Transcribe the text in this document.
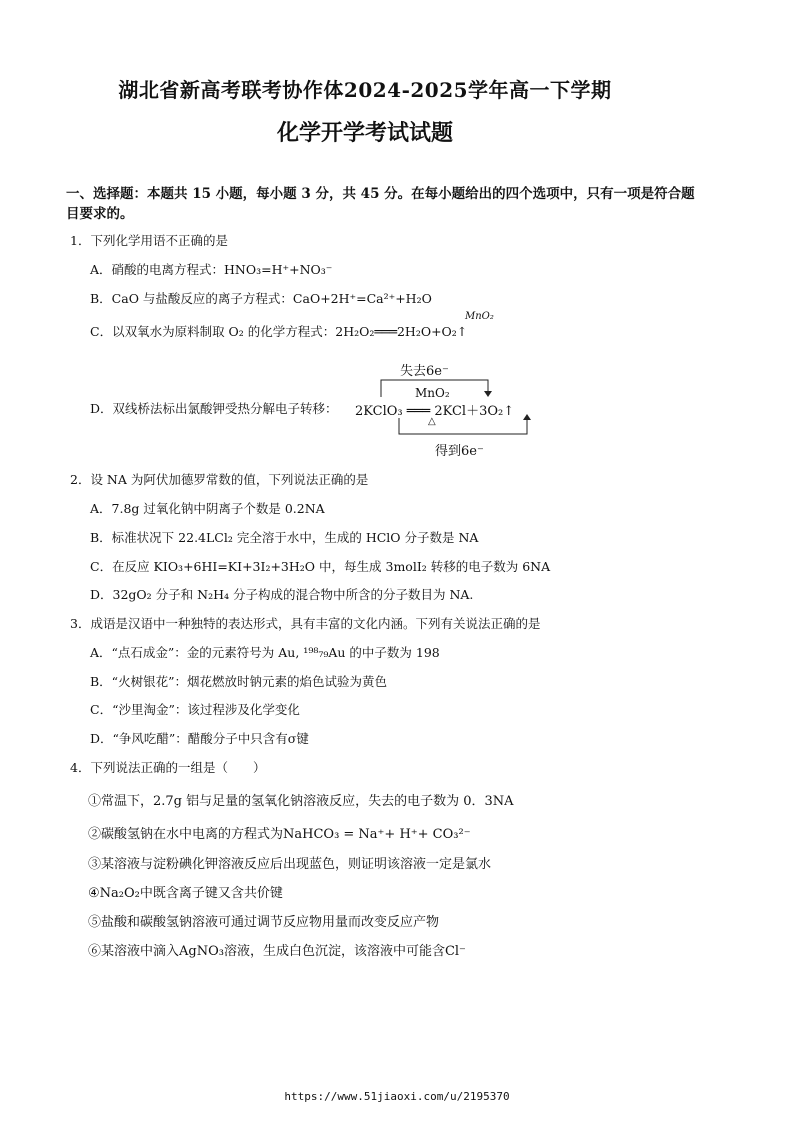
湖北省新高考联考协作体2024-2025学年高一下学期
化学开学考试试题
一、选择题：本题共 15 小题，每小题 3 分，共 45 分。在每小题给出的四个选项中，只有一项是符合题目要求的。
1．下列化学用语不正确的是
A．硝酸的电离方程式：HNO₃=H⁺+NO₃⁻
B．CaO 与盐酸反应的离子方程式：CaO+2H⁺=Ca²⁺+H₂O
MnO₂
C．以双氧水为原料制取 O₂ 的化学方程式：2H₂O₂═══2H₂O+O₂↑
D．双线桥法标出氯酸钾受热分解电子转移：
失去6e⁻
MnO₂
2KClO₃ ═══ 2KCl＋3O₂↑
△
得到6e⁻
2．设 NA 为阿伏加德罗常数的值，下列说法正确的是
A．7.8g 过氧化钠中阴离子个数是 0.2NA
B．标准状况下 22.4LCl₂ 完全溶于水中，生成的 HClO 分子数是 NA
C．在反应 KIO₃+6HI=KI+3I₂+3H₂O 中，每生成 3molI₂ 转移的电子数为 6NA
D．32gO₂ 分子和 N₂H₄ 分子构成的混合物中所含的分子数目为 NA.
3．成语是汉语中一种独特的表达形式，具有丰富的文化内涵。下列有关说法正确的是
A．“点石成金”：金的元素符号为 Au, ¹⁹⁸₇₉Au 的中子数为 198
B．“火树银花”：烟花燃放时钠元素的焰色试验为黄色
C．“沙里淘金”：该过程涉及化学变化
D．“争风吃醋”：醋酸分子中只含有σ键
4．下列说法正确的一组是（　　）
①常温下，2.7g 铝与足量的氢氧化钠溶液反应，失去的电子数为 0．3NA
②碳酸氢钠在水中电离的方程式为NaHCO₃ = Na⁺+ H⁺+ CO₃²⁻
③某溶液与淀粉碘化钾溶液反应后出现蓝色，则证明该溶液一定是氯水
④Na₂O₂中既含离子键又含共价键
⑤盐酸和碳酸氢钠溶液可通过调节反应物用量而改变反应产物
⑥某溶液中滴入AgNO₃溶液，生成白色沉淀，该溶液中可能含Cl⁻
https://www.51jiaoxi.com/u/2195370
